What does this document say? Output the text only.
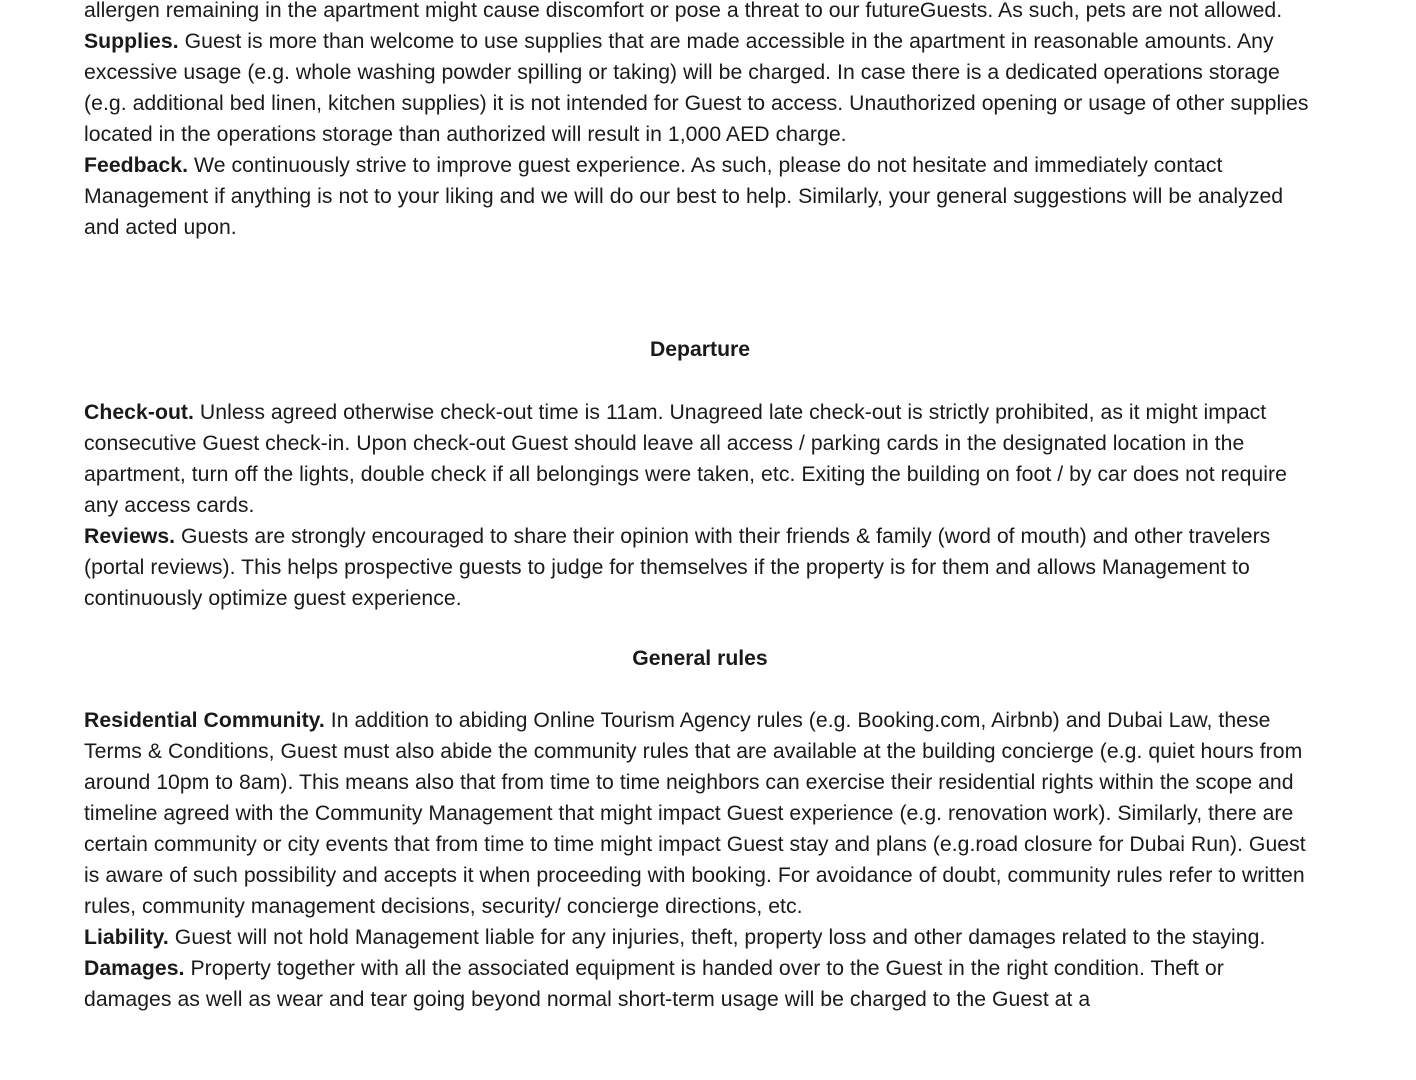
allergen remaining in the apartment might cause discomfort or pose a threat to our futureGuests. As such, pets are not allowed.

Supplies. Guest is more than welcome to use supplies that are made accessible in the apartment in reasonable amounts. Any excessive usage (e.g. whole washing powder spilling or taking) will be charged. In case there is a dedicated operations storage (e.g. additional bed linen, kitchen supplies) it is not intended for Guest to access. Unauthorized opening or usage of other supplies located in the operations storage than authorized will result in 1,000 AED charge.

Feedback. We continuously strive to improve guest experience. As such, please do not hesitate and immediately contact Management if anything is not to your liking and we will do our best to help. Similarly, your general suggestions will be analyzed and acted upon.

Departure

Check-out. Unless agreed otherwise check-out time is 11am. Unagreed late check-out is strictly prohibited, as it might impact consecutive Guest check-in. Upon check-out Guest should leave all access / parking cards in the designated location in the apartment, turn off the lights, double check if all belongings were taken, etc. Exiting the building on foot / by car does not require any access cards.

Reviews. Guests are strongly encouraged to share their opinion with their friends & family (word of mouth) and other travelers (portal reviews). This helps prospective guests to judge for themselves if the property is for them and allows Management to continuously optimize guest experience.

General rules

Residential Community. In addition to abiding Online Tourism Agency rules (e.g. Booking.com, Airbnb) and Dubai Law, these Terms & Conditions, Guest must also abide the community rules that are available at the building concierge (e.g. quiet hours from around 10pm to 8am). This means also that from time to time neighbors can exercise their residential rights within the scope and timeline agreed with the Community Management that might impact Guest experience (e.g. renovation work). Similarly, there are certain community or city events that from time to time might impact Guest stay and plans (e.g.road closure for Dubai Run). Guest is aware of such possibility and accepts it when proceeding with booking. For avoidance of doubt, community rules refer to written rules, community management decisions, security/ concierge directions, etc.

Liability. Guest will not hold Management liable for any injuries, theft, property loss and other damages related to the staying.

Damages. Property together with all the associated equipment is handed over to the Guest in the right condition. Theft or damages as well as wear and tear going beyond normal short-term usage will be charged to the Guest at a
